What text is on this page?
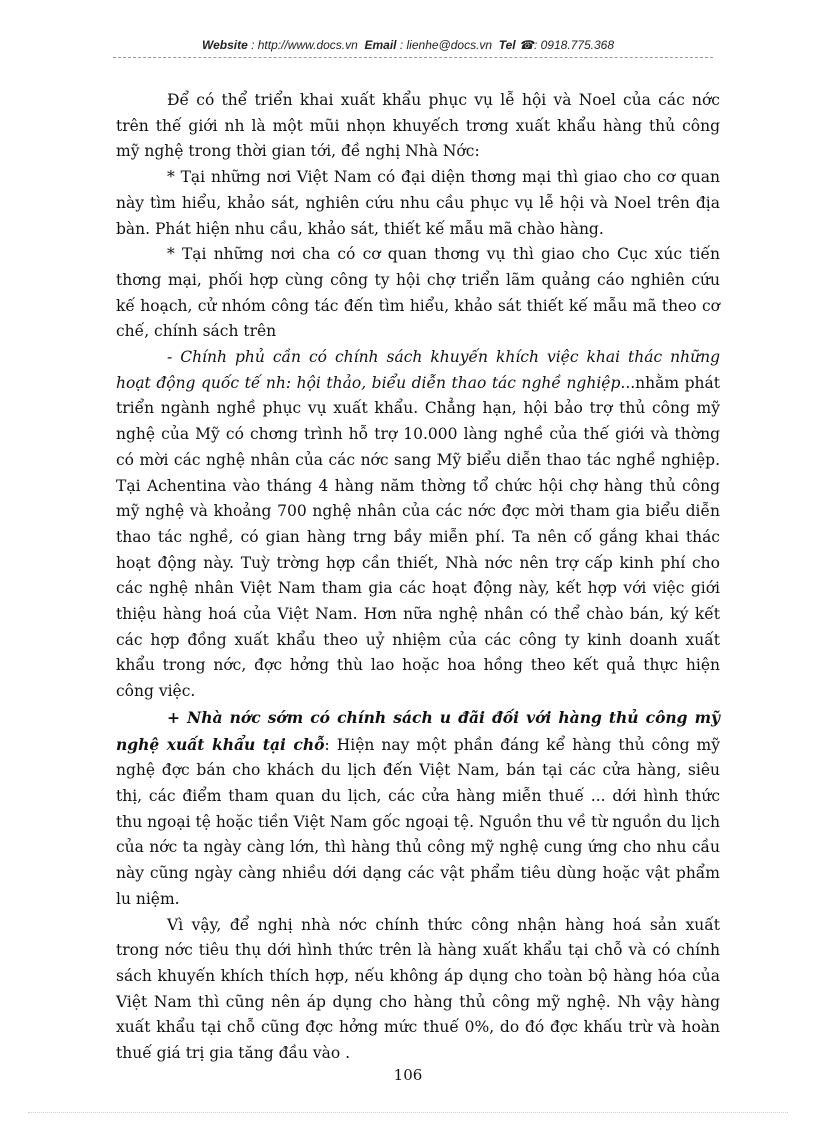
Website : http://www.docs.vn Email : lienhe@docs.vn Tel ☎: 0918.775.368

Để có thể triển khai xuất khẩu phục vụ lễ hội và Noel của các nớc trên thế giới nh là một mũi nhọn khuyếch trơng xuất khẩu hàng thủ công mỹ nghệ trong thời gian tới, đề nghị Nhà Nớc:

* Tại những nơi Việt Nam có đại diện thơng mại thì giao cho cơ quan này tìm hiểu, khảo sát, nghiên cứu nhu cầu phục vụ lễ hội và Noel trên địa bàn. Phát hiện nhu cầu, khảo sát, thiết kế mẫu mã chào hàng.

* Tại những nơi cha có cơ quan thơng vụ thì giao cho Cục xúc tiến thơng mại, phối hợp cùng công ty hội chợ triển lãm quảng cáo nghiên cứu kế hoạch, cử nhóm công tác đến tìm hiểu, khảo sát thiết kế mẫu mã theo cơ chế, chính sách trên

- Chính phủ cần có chính sách khuyến khích việc khai thác những hoạt động quốc tế nh: hội thảo, biểu diễn thao tác nghề nghiệp...nhằm phát triển ngành nghề phục vụ xuất khẩu. Chẳng hạn, hội bảo trợ thủ công mỹ nghệ của Mỹ có chơng trình hỗ trợ 10.000 làng nghề của thế giới và thờng có mời các nghệ nhân của các nớc sang Mỹ biểu diễn thao tác nghề nghiệp. Tại Achentina vào tháng 4 hàng năm thờng tổ chức hội chợ hàng thủ công mỹ nghệ và khoảng 700 nghệ nhân của các nớc đợc mời tham gia biểu diễn thao tác nghề, có gian hàng trng bầy miễn phí. Ta nên cố gắng khai thác hoạt động này. Tuỳ trờng hợp cần thiết, Nhà nớc nên trợ cấp kinh phí cho các nghệ nhân Việt Nam tham gia các hoạt động này, kết hợp với việc giới thiệu hàng hoá của Việt Nam. Hơn nữa nghệ nhân có thể chào bán, ký kết các hợp đồng xuất khẩu theo uỷ nhiệm của các công ty kinh doanh xuất khẩu trong nớc, đợc hởng thù lao hoặc hoa hồng theo kết quả thực hiện công việc.

+ Nhà nớc sớm có chính sách u đãi đối với hàng thủ công mỹ nghệ xuất khẩu tại chỗ: Hiện nay một phần đáng kể hàng thủ công mỹ nghệ đợc bán cho khách du lịch đến Việt Nam, bán tại các cửa hàng, siêu thị, các điểm tham quan du lịch, các cửa hàng miễn thuế ... dới hình thức thu ngoại tệ hoặc tiền Việt Nam gốc ngoại tệ. Nguồn thu về từ nguồn du lịch của nớc ta ngày càng lớn, thì hàng thủ công mỹ nghệ cung ứng cho nhu cầu này cũng ngày càng nhiều dới dạng các vật phẩm tiêu dùng hoặc vật phẩm lu niệm.

Vì vậy, để nghị nhà nớc chính thức công nhận hàng hoá sản xuất trong nớc tiêu thụ dới hình thức trên là hàng xuất khẩu tại chỗ và có chính sách khuyến khích thích hợp, nếu không áp dụng cho toàn bộ hàng hóa của Việt Nam thì cũng nên áp dụng cho hàng thủ công mỹ nghệ. Nh vậy hàng xuất khẩu tại chỗ cũng đợc hởng mức thuế 0%, do đó đợc khấu trừ và hoàn thuế giá trị gia tăng đầu vào .

106
